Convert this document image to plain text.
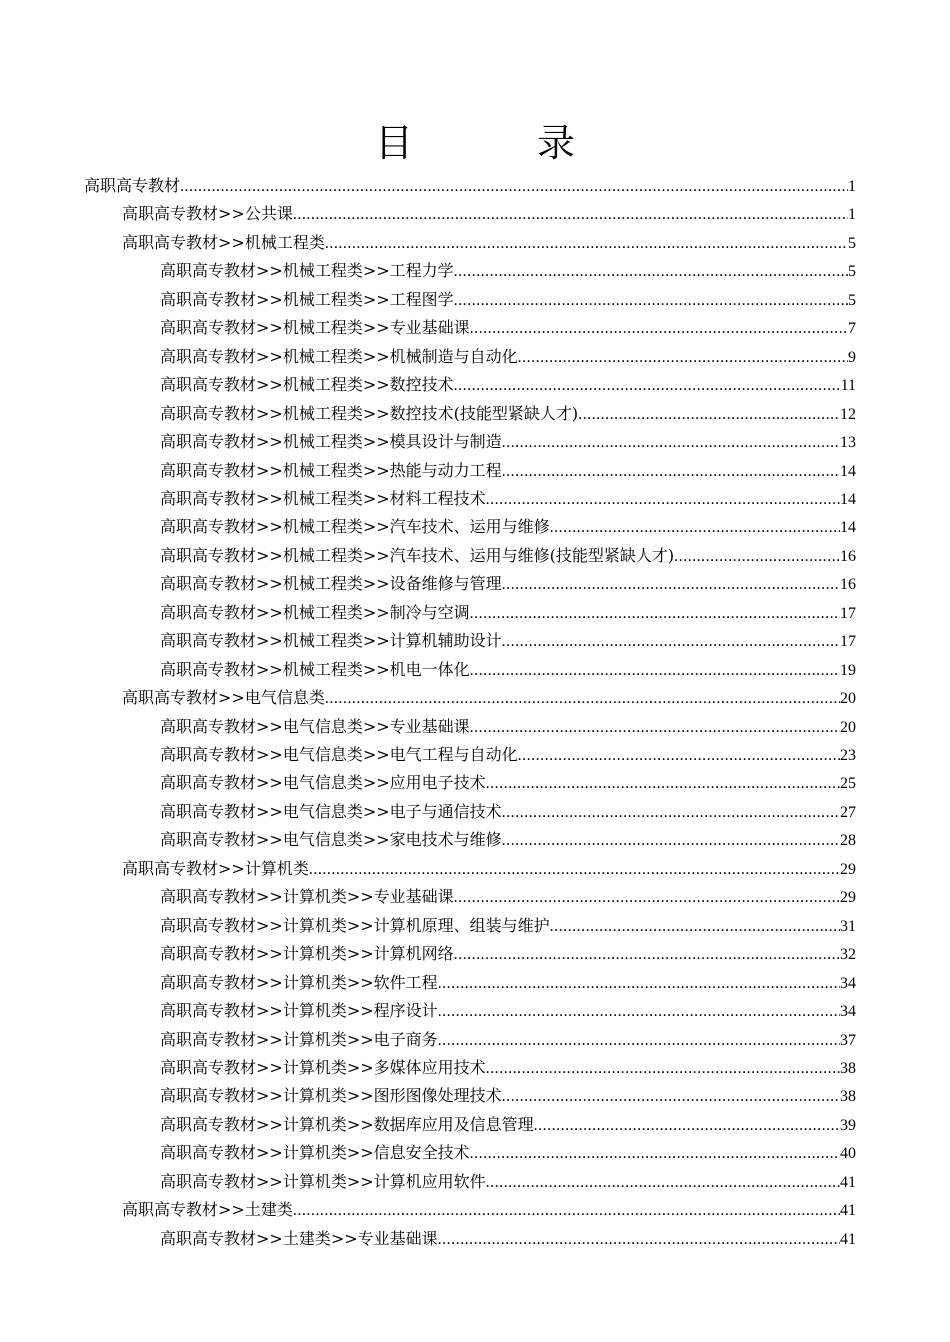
目 录
高职高专教材 .....	1
高职高专教材>>公共课 .....	1
高职高专教材>>机械工程类 .....	5
高职高专教材>>机械工程类>>工程力学 .....	5
高职高专教材>>机械工程类>>工程图学 .....	5
高职高专教材>>机械工程类>>专业基础课 .....	7
高职高专教材>>机械工程类>>机械制造与自动化 .....	9
高职高专教材>>机械工程类>>数控技术 .....	11
高职高专教材>>机械工程类>>数控技术(技能型紧缺人才) .....	12
高职高专教材>>机械工程类>>模具设计与制造 .....	13
高职高专教材>>机械工程类>>热能与动力工程 .....	14
高职高专教材>>机械工程类>>材料工程技术 .....	14
高职高专教材>>机械工程类>>汽车技术、运用与维修 .....	14
高职高专教材>>机械工程类>>汽车技术、运用与维修(技能型紧缺人才) .....	16
高职高专教材>>机械工程类>>设备维修与管理 .....	16
高职高专教材>>机械工程类>>制冷与空调 .....	17
高职高专教材>>机械工程类>>计算机辅助设计 .....	17
高职高专教材>>机械工程类>>机电一体化 .....	19
高职高专教材>>电气信息类 .....	20
高职高专教材>>电气信息类>>专业基础课 .....	20
高职高专教材>>电气信息类>>电气工程与自动化 .....	23
高职高专教材>>电气信息类>>应用电子技术 .....	25
高职高专教材>>电气信息类>>电子与通信技术 .....	27
高职高专教材>>电气信息类>>家电技术与维修 .....	28
高职高专教材>>计算机类 .....	29
高职高专教材>>计算机类>>专业基础课 .....	29
高职高专教材>>计算机类>>计算机原理、组装与维护 .....	31
高职高专教材>>计算机类>>计算机网络 .....	32
高职高专教材>>计算机类>>软件工程 .....	34
高职高专教材>>计算机类>>程序设计 .....	34
高职高专教材>>计算机类>>电子商务 .....	37
高职高专教材>>计算机类>>多媒体应用技术 .....	38
高职高专教材>>计算机类>>图形图像处理技术 .....	38
高职高专教材>>计算机类>>数据库应用及信息管理 .....	39
高职高专教材>>计算机类>>信息安全技术 .....	40
高职高专教材>>计算机类>>计算机应用软件 .....	41
高职高专教材>>土建类 .....	41
高职高专教材>>土建类>>专业基础课 .....	41
